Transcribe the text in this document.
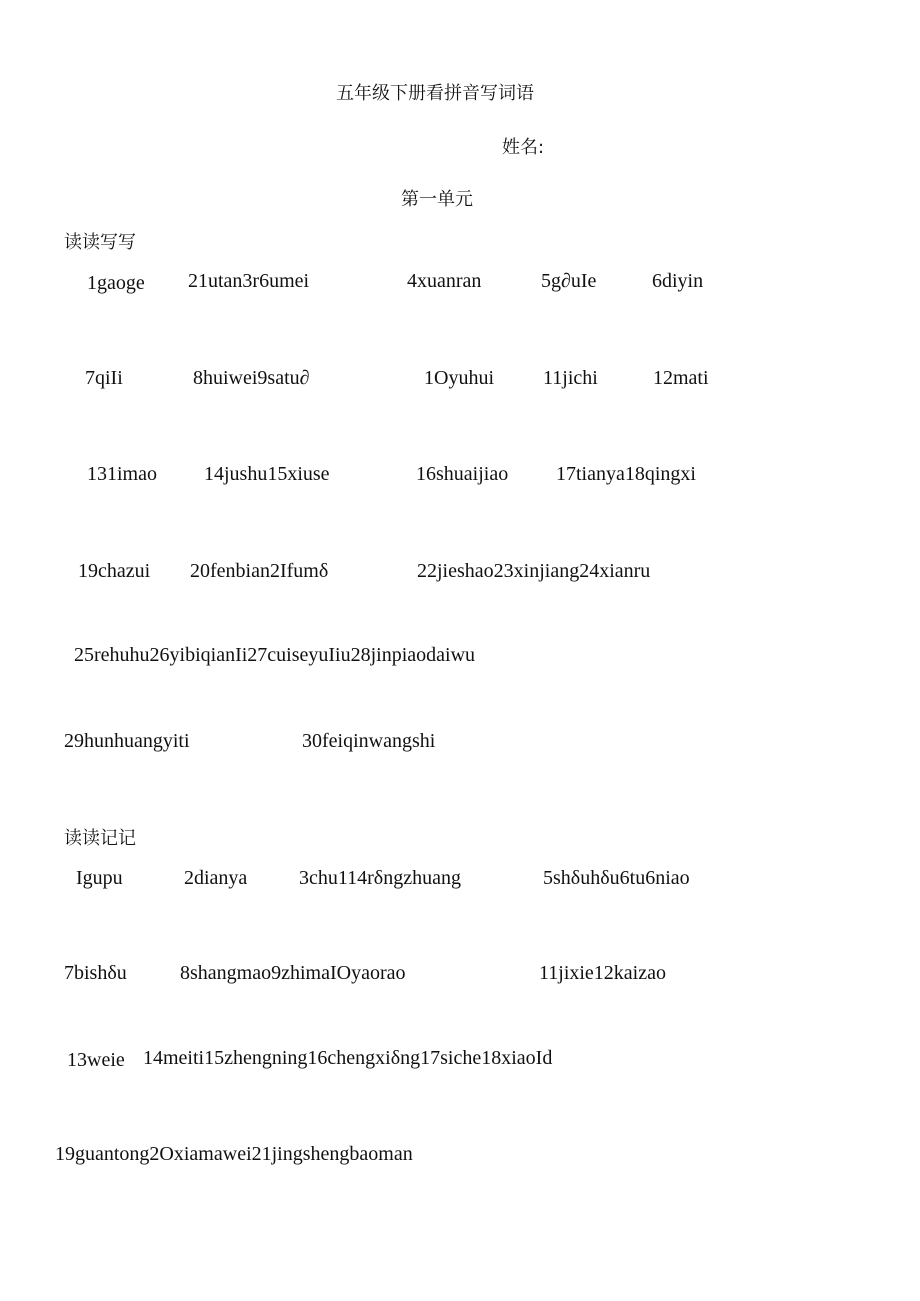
五年级下册看拼音写词语
姓名:
第一单元
读读写写
1gaoge 21utan3r6umei	4xuanran	5g∂uIe	6diyin
7qiIi	8huiwei9satu∂	1Oyuhui 11jichi	12mati
131imao 14jushu15xiuse	16shuaijiao 17tianya18qingxi
19chazui 20fenbian2Ifumδ	22jieshao23xinjiang24xianru
25rehuhu26yibiqianIi27cuiseyuIiu28jinpiaodaiwu
29hunhuangyiti	30feiqinwangshi
读读记记
Igupu	2dianya	3chu114rδngzhuang	5shδuhδu6tu6niao
7bishδu	8shangmao9zhimaIOyaorao	11jixie12kaizao
13weie 14meiti15zhengning16chengxiδng17siche18xiaoId
19guantong2Oxiamawei21jingshengbaoman
